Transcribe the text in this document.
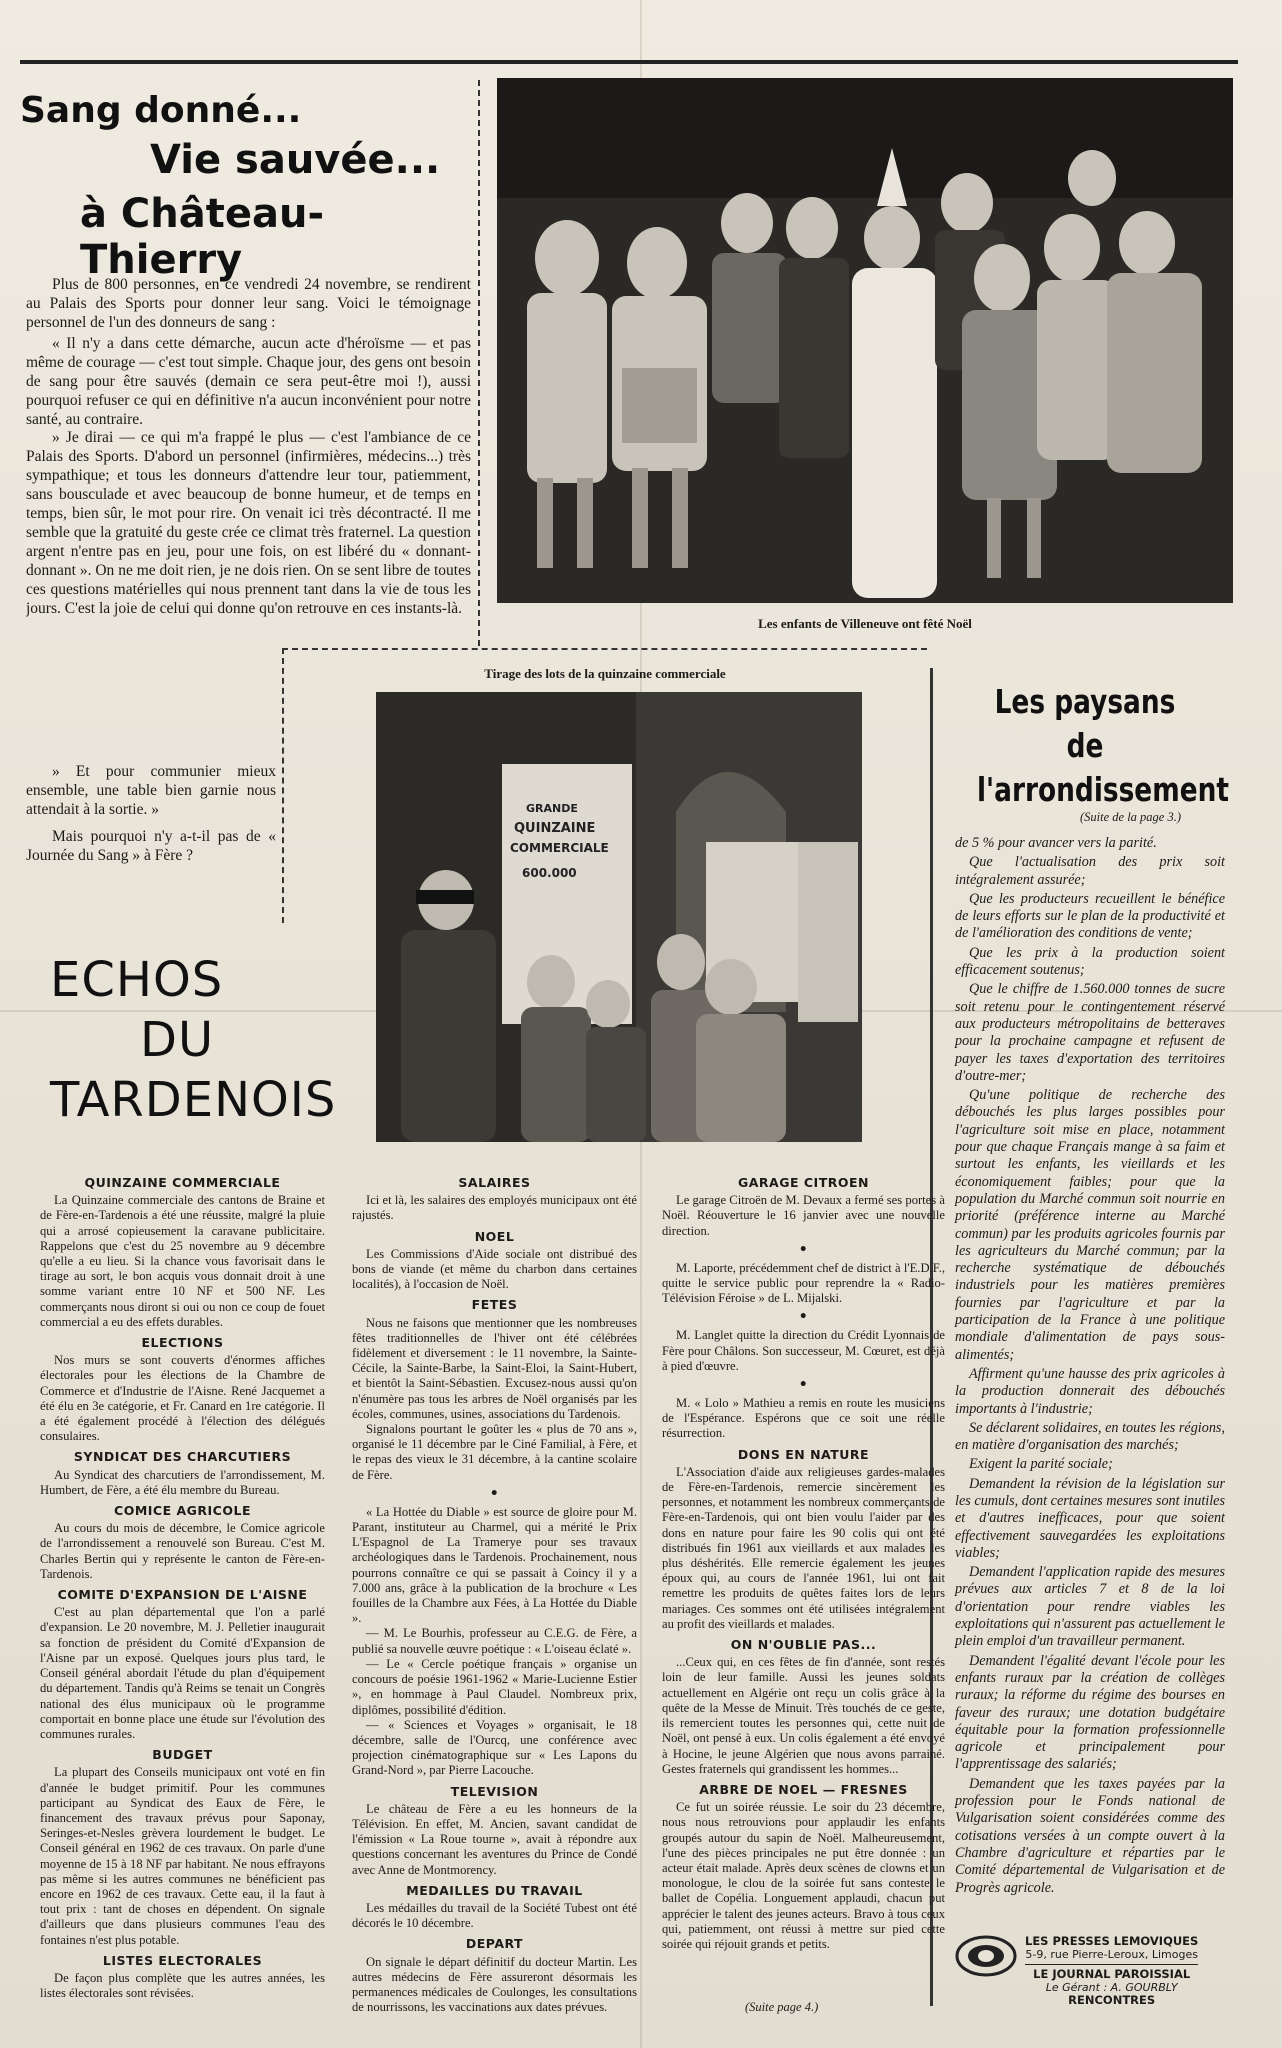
Sang donné...
Vie sauvée...
à Château-Thierry

Plus de 800 personnes, en ce vendredi 24 novembre, se rendirent au Palais des Sports pour donner leur sang. Voici le témoignage personnel de l'un des donneurs de sang :

« Il n'y a dans cette démarche, aucun acte d'héroïsme — et pas même de courage — c'est tout simple. Chaque jour, des gens ont besoin de sang pour être sauvés (demain ce sera peut-être moi !), aussi pourquoi refuser ce qui en définitive n'a aucun inconvénient pour notre santé, au contraire.

» Je dirai — ce qui m'a frappé le plus — c'est l'ambiance de ce Palais des Sports. D'abord un personnel (infirmières, médecins...) très sympathique; et tous les donneurs d'attendre leur tour, patiemment, sans bousculade et avec beaucoup de bonne humeur, et de temps en temps, bien sûr, le mot pour rire. On venait ici très décontracté. Il me semble que la gratuité du geste crée ce climat très fraternel. La question argent n'entre pas en jeu, pour une fois, on est libéré du « donnant-donnant ». On ne me doit rien, je ne dois rien. On se sent libre de toutes ces questions matérielles qui nous prennent tant dans la vie de tous les jours. C'est la joie de celui qui donne qu'on retrouve en ces instants-là.

» Et pour communier mieux ensemble, une table bien garnie nous attendait à la sortie. »

Mais pourquoi n'y a-t-il pas de « Journée du Sang » à Fère ?

Les enfants de Villeneuve ont fêté Noël
Tirage des lots de la quinzaine commerciale
GRANDE
QUINZAINE
COMMERCIALE
600.000
ECHOS
DU
TARDENOIS
Les paysans
de l'arrondissement
(Suite de la page 3.)

de 5 % pour avancer vers la parité.

Que l'actualisation des prix soit intégralement assurée;

Que les producteurs recueillent le bénéfice de leurs efforts sur le plan de la productivité et de l'amélioration des conditions de vente;

Que les prix à la production soient efficacement soutenus;

Que le chiffre de 1.560.000 tonnes de sucre soit retenu pour le contingentement réservé aux producteurs métropolitains de betteraves pour la prochaine campagne et refusent de payer les taxes d'exportation des territoires d'outre-mer;

Qu'une politique de recherche des débouchés les plus larges possibles pour l'agriculture soit mise en place, notamment pour que chaque Français mange à sa faim et surtout les enfants, les vieillards et les économiquement faibles; pour que la population du Marché commun soit nourrie en priorité (préférence interne au Marché commun) par les produits agricoles fournis par les agriculteurs du Marché commun; par la recherche systématique de débouchés industriels pour les matières premières fournies par l'agriculture et par la participation de la France à une politique mondiale d'alimentation de pays sous-alimentés;

Affirment qu'une hausse des prix agricoles à la production donnerait des débouchés importants à l'industrie;

Se déclarent solidaires, en toutes les régions, en matière d'organisation des marchés;

Exigent la parité sociale;

Demandent la révision de la législation sur les cumuls, dont certaines mesures sont inutiles et d'autres inefficaces, pour que soient effectivement sauvegardées les exploitations viables;

Demandent l'application rapide des mesures prévues aux articles 7 et 8 de la loi d'orientation pour rendre viables les exploitations qui n'assurent pas actuellement le plein emploi d'un travailleur permanent.

Demandent l'égalité devant l'école pour les enfants ruraux par la création de collèges ruraux; la réforme du régime des bourses en faveur des ruraux; une dotation budgétaire équitable pour la formation professionnelle agricole et principalement pour l'apprentissage des salariés;

Demandent que les taxes payées par la profession pour le Fonds national de Vulgarisation soient considérées comme des cotisations versées à un compte ouvert à la Chambre d'agriculture et réparties par le Comité départemental de Vulgarisation et de Progrès agricole.

QUINZAINE COMMERCIALE

La Quinzaine commerciale des cantons de Braine et de Fère-en-Tardenois a été une réussite, malgré la pluie qui a arrosé copieusement la caravane publicitaire. Rappelons que c'est du 25 novembre au 9 décembre qu'elle a eu lieu. Si la chance vous favorisait dans le tirage au sort, le bon acquis vous donnait droit à une somme variant entre 10 NF et 500 NF. Les commerçants nous diront si oui ou non ce coup de fouet commercial a eu des effets durables.

ELECTIONS

Nos murs se sont couverts d'énormes affiches électorales pour les élections de la Chambre de Commerce et d'Industrie de l'Aisne. René Jacquemet a été élu en 3e catégorie, et Fr. Canard en 1re catégorie. Il a été également procédé à l'élection des délégués consulaires.

SYNDICAT DES CHARCUTIERS

Au Syndicat des charcutiers de l'arrondissement, M. Humbert, de Fère, a été élu membre du Bureau.

COMICE AGRICOLE

Au cours du mois de décembre, le Comice agricole de l'arrondissement a renouvelé son Bureau. C'est M. Charles Bertin qui y représente le canton de Fère-en-Tardenois.

COMITE D'EXPANSION DE L'AISNE

C'est au plan départemental que l'on a parlé d'expansion. Le 20 novembre, M. J. Pelletier inaugurait sa fonction de président du Comité d'Expansion de l'Aisne par un exposé. Quelques jours plus tard, le Conseil général abordait l'étude du plan d'équipement du département. Tandis qu'à Reims se tenait un Congrès national des élus municipaux où le programme comportait en bonne place une étude sur l'évolution des communes rurales.

BUDGET

La plupart des Conseils municipaux ont voté en fin d'année le budget primitif. Pour les communes participant au Syndicat des Eaux de Fère, le financement des travaux prévus pour Saponay, Seringes-et-Nesles grèvera lourdement le budget. Le Conseil général en 1962 de ces travaux. On parle d'une moyenne de 15 à 18 NF par habitant. Ne nous effrayons pas même si les autres communes ne bénéficient pas encore en 1962 de ces travaux. Cette eau, il la faut à tout prix : tant de choses en dépendent. On signale d'ailleurs que dans plusieurs communes l'eau des fontaines n'est plus potable.

LISTES ELECTORALES

De façon plus complète que les autres années, les listes électorales sont révisées.

SALAIRES

Ici et là, les salaires des employés municipaux ont été rajustés.

NOEL

Les Commissions d'Aide sociale ont distribué des bons de viande (et même du charbon dans certaines localités), à l'occasion de Noël.

FETES

Nous ne faisons que mentionner que les nombreuses fêtes traditionnelles de l'hiver ont été célébrées fidèlement et diversement : le 11 novembre, la Sainte-Cécile, la Sainte-Barbe, la Saint-Eloi, la Saint-Hubert, et bientôt la Saint-Sébastien. Excusez-nous aussi qu'on n'énumère pas tous les arbres de Noël organisés par les écoles, communes, usines, associations du Tardenois.

Signalons pourtant le goûter les « plus de 70 ans », organisé le 11 décembre par le Ciné Familial, à Fère, et le repas des vieux le 31 décembre, à la cantine scolaire de Fère.

•

« La Hottée du Diable » est source de gloire pour M. Parant, instituteur au Charmel, qui a mérité le Prix L'Espagnol de La Tramerye pour ses travaux archéologiques dans le Tardenois. Prochainement, nous pourrons connaître ce qui se passait à Coincy il y a 7.000 ans, grâce à la publication de la brochure « Les fouilles de la Chambre aux Fées, à La Hottée du Diable ».

— M. Le Bourhis, professeur au C.E.G. de Fère, a publié sa nouvelle œuvre poétique : « L'oiseau éclaté ».

— Le « Cercle poétique français » organise un concours de poésie 1961-1962 « Marie-Lucienne Estier », en hommage à Paul Claudel. Nombreux prix, diplômes, possibilité d'édition.

— « Sciences et Voyages » organisait, le 18 décembre, salle de l'Ourcq, une conférence avec projection cinématographique sur « Les Lapons du Grand-Nord », par Pierre Lacouche.

TELEVISION

Le château de Fère a eu les honneurs de la Télévision. En effet, M. Ancien, savant candidat de l'émission « La Roue tourne », avait à répondre aux questions concernant les aventures du Prince de Condé avec Anne de Montmorency.

MEDAILLES DU TRAVAIL

Les médailles du travail de la Société Tubest ont été décorés le 10 décembre.

DEPART

On signale le départ définitif du docteur Martin. Les autres médecins de Fère assureront désormais les permanences médicales de Coulonges, les consultations de nourrissons, les vaccinations aux dates prévues.

GARAGE CITROEN

Le garage Citroën de M. Devaux a fermé ses portes à Noël. Réouverture le 16 janvier avec une nouvelle direction.

•

M. Laporte, précédemment chef de district à l'E.D.F., quitte le service public pour reprendre la « Radio-Télévision Féroise » de L. Mijalski.

•

M. Langlet quitte la direction du Crédit Lyonnais de Fère pour Châlons. Son successeur, M. Cœuret, est déjà à pied d'œuvre.

•

M. « Lolo » Mathieu a remis en route les musiciens de l'Espérance. Espérons que ce soit une réelle résurrection.

DONS EN NATURE

L'Association d'aide aux religieuses gardes-malades de Fère-en-Tardenois, remercie sincèrement les personnes, et notamment les nombreux commerçants de Fère-en-Tardenois, qui ont bien voulu l'aider par des dons en nature pour faire les 90 colis qui ont été distribués fin 1961 aux vieillards et aux malades les plus déshérités. Elle remercie également les jeunes époux qui, au cours de l'année 1961, lui ont fait remettre les produits de quêtes faites lors de leurs mariages. Ces sommes ont été utilisées intégralement au profit des vieillards et malades.

ON N'OUBLIE PAS...

...Ceux qui, en ces fêtes de fin d'année, sont restés loin de leur famille. Aussi les jeunes soldats actuellement en Algérie ont reçu un colis grâce à la quête de la Messe de Minuit. Très touchés de ce geste, ils remercient toutes les personnes qui, cette nuit de Noël, ont pensé à eux. Un colis également a été envoyé à Hocine, le jeune Algérien que nous avons parrainé. Gestes fraternels qui grandissent les hommes...

ARBRE DE NOEL — FRESNES

Ce fut un soirée réussie. Le soir du 23 décembre, nous nous retrouvions pour applaudir les enfants groupés autour du sapin de Noël. Malheureusement, l'une des pièces principales ne put être donnée : un acteur était malade. Après deux scènes de clowns et un monologue, le clou de la soirée fut sans conteste le ballet de Copélia. Longuement applaudi, chacun put apprécier le talent des jeunes acteurs. Bravo à tous ceux qui, patiemment, ont réussi à mettre sur pied cette soirée qui réjouit grands et petits.

(Suite page 4.)
LES PRESSES LEMOVIQUES
5-9, rue Pierre-Leroux, Limoges
LE JOURNAL PAROISSIAL
Le Gérant : A. GOURBLY
RENCONTRES
